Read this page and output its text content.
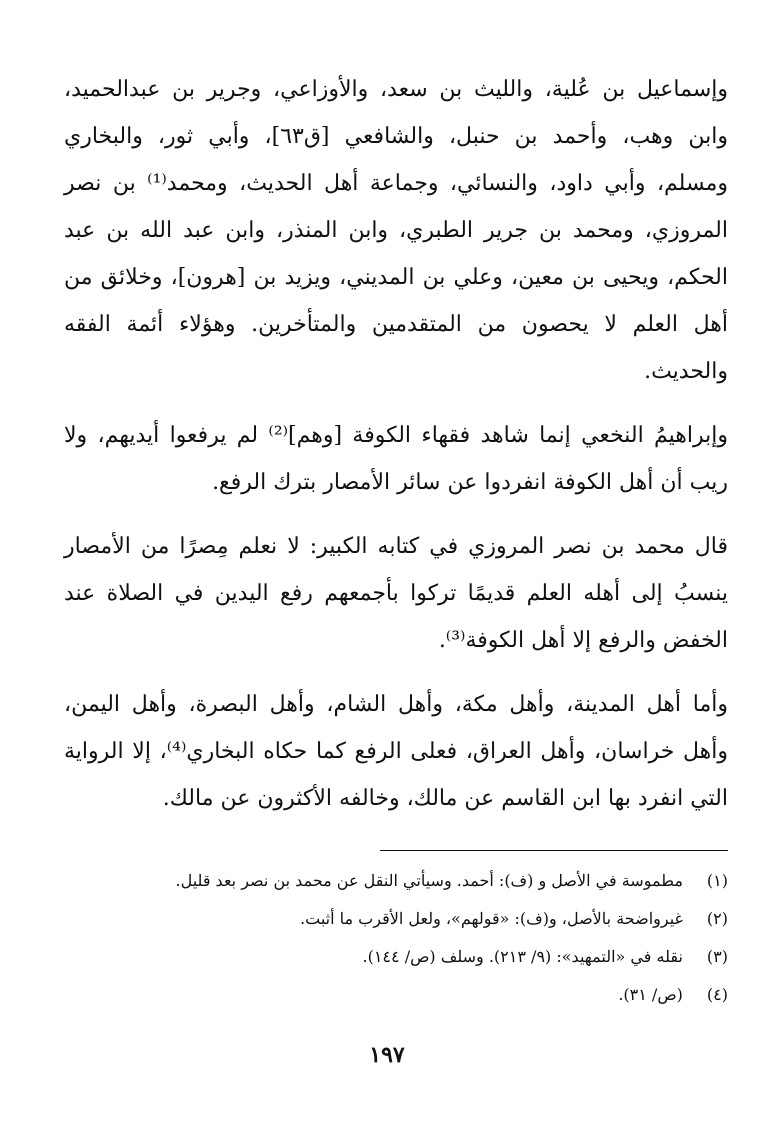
وإسماعيل بن عُلية، والليث بن سعد، والأوزاعي، وجرير بن عبدالحميد، وابن وهب، وأحمد بن حنبل، والشافعي [ق٦٣]، وأبي ثور، والبخاري ومسلم، وأبي داود، والنسائي، وجماعة أهل الحديث، ومحمد⁽¹⁾ بن نصر المروزي، ومحمد بن جرير الطبري، وابن المنذر، وابن عبد الله بن عبد الحكم، ويحيى بن معين، وعلي بن المديني، ويزيد بن [هرون]، وخلائق من أهل العلم لا يحصون من المتقدمين والمتأخرين. وهؤلاء أئمة الفقه والحديث.

وإبراهيمُ النخعي إنما شاهد فقهاء الكوفة [وهم]⁽²⁾ لم يرفعوا أيديهم، ولا ريب أن أهل الكوفة انفردوا عن سائر الأمصار بترك الرفع.

قال محمد بن نصر المروزي في كتابه الكبير: لا نعلم مِصرًا من الأمصار ينسبُ إلى أهله العلم قديمًا تركوا بأجمعهم رفع اليدين في الصلاة عند الخفض والرفع إلا أهل الكوفة⁽³⁾.

وأما أهل المدينة، وأهل مكة، وأهل الشام، وأهل البصرة، وأهل اليمن، وأهل خراسان، وأهل العراق، فعلى الرفع كما حكاه البخاري⁽⁴⁾، إلا الرواية التي انفرد بها ابن القاسم عن مالك، وخالفه الأكثرون عن مالك.

(١) مطموسة في الأصل و (ف): أحمد. وسيأتي النقل عن محمد بن نصر بعد قليل.
(٢) غيرواضحة بالأصل، و(ف): «قولهم»، ولعل الأقرب ما أثبت.
(٣) نقله في «التمهيد»: (٩/ ٢١٣). وسلف (ص/ ١٤٤).
(٤) (ص/ ٣١).
١٩٧
